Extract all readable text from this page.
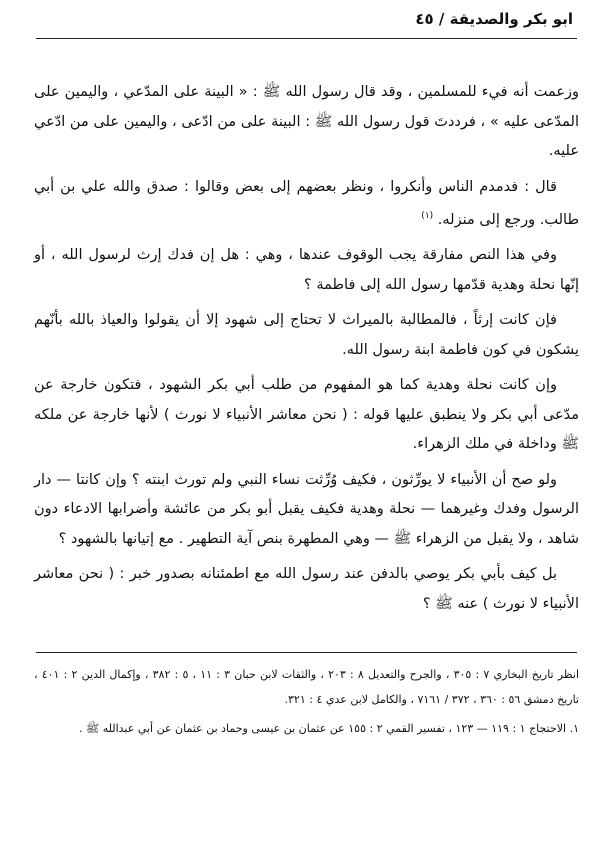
ابو بكر والصديقة / ٤٥

وزعمت أنه فيء للمسلمين ، وقد قال رسول الله ﷺ : « البينة على المدّعي ، واليمين على المدّعى عليه » ، فرددتَ قول رسول الله ﷺ : البينة على من ادّعى ، واليمين على من ادّعي عليه.

قال : فدمدم الناس وأنكروا ، ونظر بعضهم إلى بعض وقالوا : صدق والله علي بن أبي طالب. ورجع إلى منزله. $^{(١)}$

وفي هذا النص مفارقة يجب الوقوف عندها ، وهي : هل إن فدك إرث لرسول الله ، أو إنّها نحلة وهدية قدّمها رسول الله إلى فاطمة ؟

فإن كانت إرثاً ، فالمطالبة بالميراث لا تحتاج إلى شهود إلا أن يقولوا والعياذ بالله بأنّهم يشكون في كون فاطمة ابنة رسول الله.

وإن كانت نحلة وهدية كما هو المفهوم من طلب أبي بكر الشهود ، فتكون خارجة عن مدّعى أبي بكر ولا ينطبق عليها قوله : ( نحن معاشر الأنبياء لا نورث ) لأنها خارجة عن ملكه ﷺ وداخلة في ملك الزهراء.

ولو صح أن الأنبياء لا يورِّثون ، فكيف وُرِّثت نساء النبي ولم تورث ابنته ؟ وإن كانتا — دار الرسول وفدك وغيرهما — نحلة وهدية فكيف يقبل أبو بكر من عائشة وأضرابها الادعاء دون شاهد ، ولا يقبل من الزهراء ﷺ — وهي المطهرة بنص آية التطهير . مع إتيانها بالشهود ؟

بل كيف بأبي بكر يوصي بالدفن عند رسول الله مع اطمئنانه بصدور خبر : ( نحن معاشر الأنبياء لا نورث ) عنه ﷺ ؟

انظر تاريخ البخاري ٧ : ٣٠٥ ، والجرح والتعديل ٨ : ٢٠٣ ، والثقات لابن حبان ٣ : ١١ ، ٥ : ٣٨٢ ، وإكمال الدين ٢ : ٤٠١ ، تاريخ دمشق ٥٦ : ٣٦٠ ، ٣٧٢ / ٧١٦١ ، والكامل لابن عدي ٤ : ٣٢١.

١. الاحتجاج ١ : ١١٩ — ١٢٣ ، تفسير القمي ٢ : ١٥٥ عن عثمان بن عيسى وحماد بن عثمان عن أبي عبدالله ﷺ .
